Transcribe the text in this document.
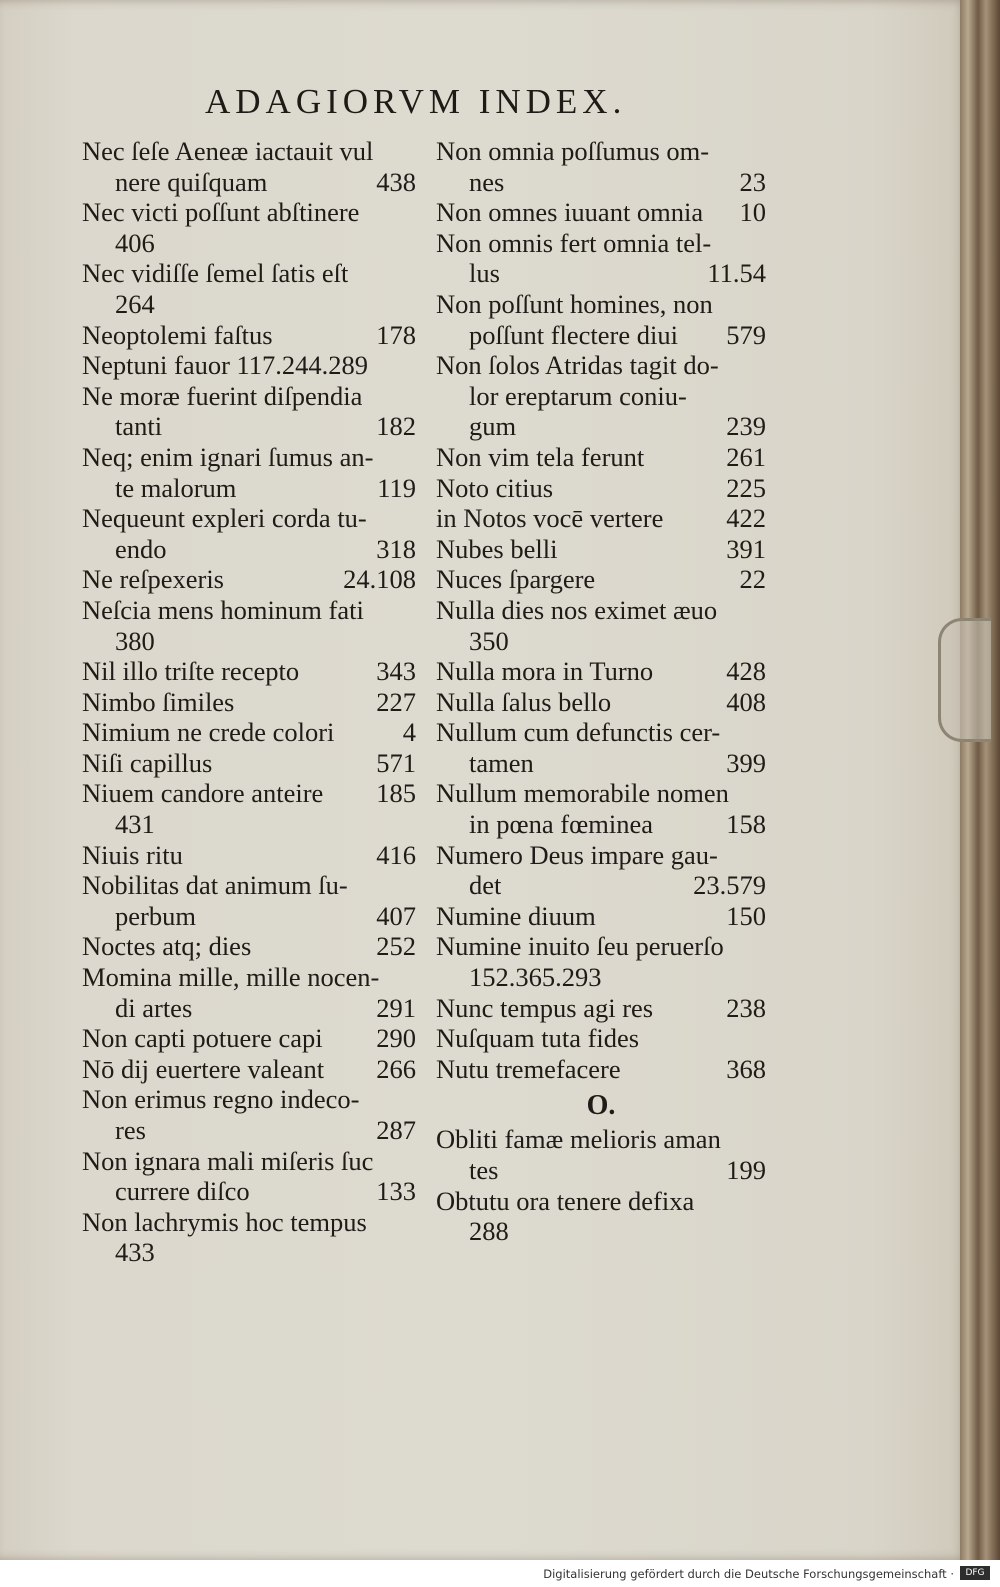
ADAGIORVM INDEX.
Nec ſeſe Aeneæ iactauit vul
nere quiſquam	438
Nec victi poſſunt abſtinere
406
Nec vidiſſe ſemel ſatis eſt
264
Neoptolemi faſtus	178
Neptuni fauor 117.244.289
Ne moræ fuerint diſpendia
tanti	182
Neq; enim ignari ſumus an-
te malorum	119
Nequeunt expleri corda tu-
endo	318
Ne reſpexeris	24.108
Neſcia mens hominum fati
380
Nil illo triſte recepto	343
Nimbo ſimiles	227
Nimium ne crede colori	4
Niſi capillus	571
Niuem candore anteire	185
431
Niuis ritu	416
Nobilitas dat animum ſu-
perbum	407
Noctes atq; dies	252
Momina mille, mille nocen-
di artes	291
Non capti potuere capi	290
Nō dij euertere valeant	266
Non erimus regno indeco-
res	287
Non ignara mali miſeris ſuc
currere diſco	133
Non lachrymis hoc tempus
433
Non omnia poſſumus om-
nes	23
Non omnes iuuant omnia	10
Non omnis fert omnia tel-
lus	11.54
Non poſſunt homines, non
poſſunt flectere diui	579
Non ſolos Atridas tagit do-
lor ereptarum coniu-
gum	239
Non vim tela ferunt	261
Noto citius	225
in Notos vocē vertere	422
Nubes belli	391
Nuces ſpargere	22
Nulla dies nos eximet æuo
350
Nulla mora in Turno	428
Nulla ſalus bello	408
Nullum cum defunctis cer-
tamen	399
Nullum memorabile nomen
in pœna fœminea	158
Numero Deus impare gau-
det	23.579
Numine diuum	150
Numine inuito ſeu peruerſo
152.365.293
Nunc tempus agi res	238
Nuſquam tuta fides
Nutu tremefacere	368
O.
Obliti famæ melioris aman
tes	199
Obtutu ora tenere defixa
288
Digitalisierung gefördert durch die Deutsche Forschungsgemeinschaft ·	DFG
